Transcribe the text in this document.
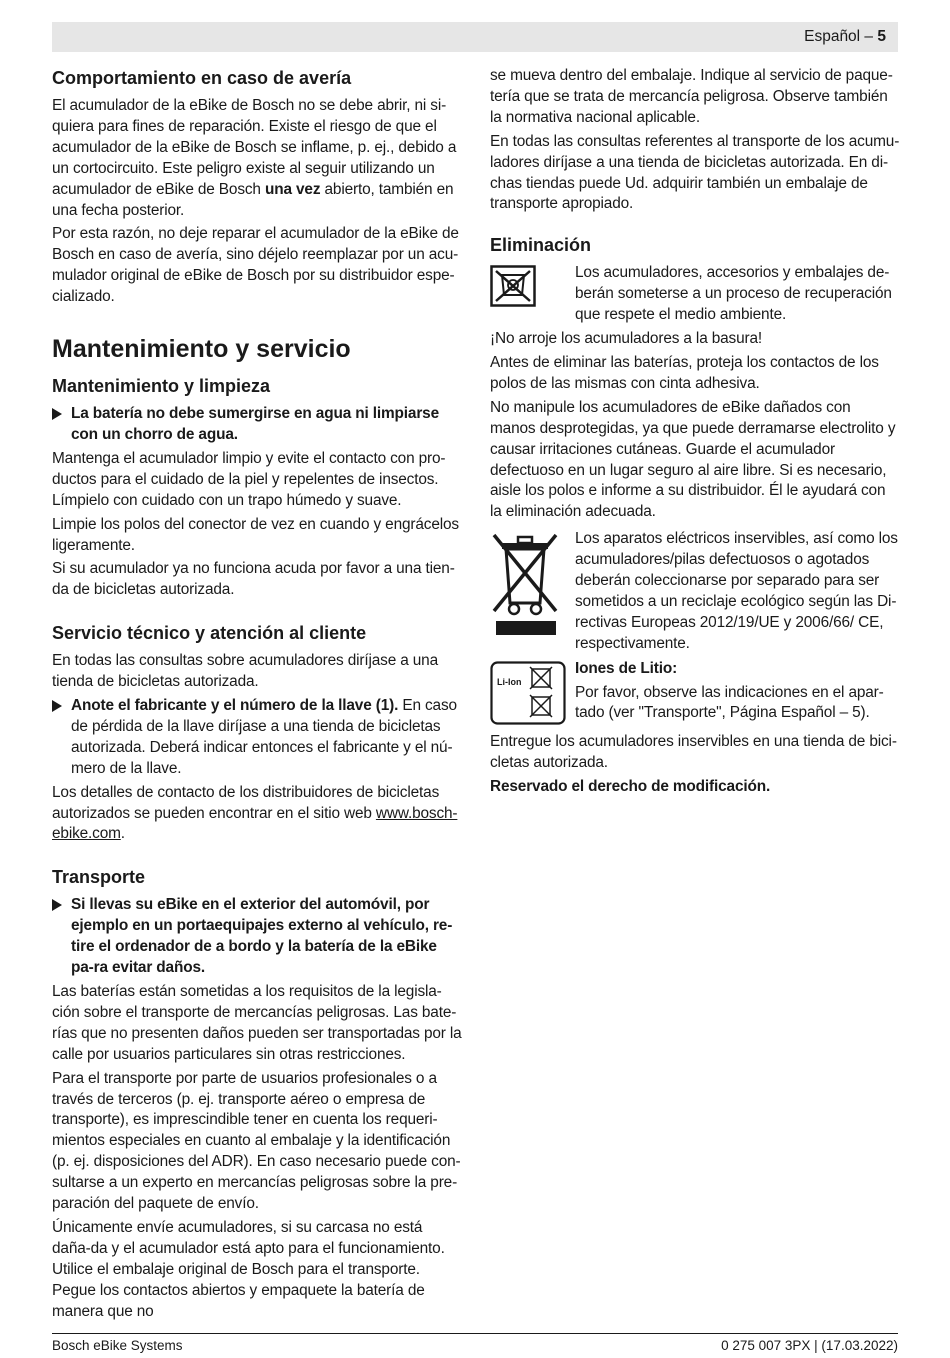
Español – 5
Comportamiento en caso de avería

El acumulador de la eBike de Bosch no se debe abrir, ni si-quiera para fines de reparación. Existe el riesgo de que el acumulador de la eBike de Bosch se inflame, p. ej., debido a un cortocircuito. Este peligro existe al seguir utilizando un acumulador de eBike de Bosch una vez abierto, también en una fecha posterior.

Por esta razón, no deje reparar el acumulador de la eBike de Bosch en caso de avería, sino déjelo reemplazar por un acu-mulador original de eBike de Bosch por su distribuidor espe-cializado.

Mantenimiento y servicio
Mantenimiento y limpieza
La batería no debe sumergirse en agua ni limpiarse con un chorro de agua.

Mantenga el acumulador limpio y evite el contacto con pro-ductos para el cuidado de la piel y repelentes de insectos. Límpielo con cuidado con un trapo húmedo y suave.

Limpie los polos del conector de vez en cuando y engrácelos ligeramente.

Si su acumulador ya no funciona acuda por favor a una tien-da de bicicletas autorizada.

Servicio técnico y atención al cliente

En todas las consultas sobre acumuladores diríjase a una tienda de bicicletas autorizada.

Anote el fabricante y el número de la llave (1). En caso de pérdida de la llave diríjase a una tienda de bicicletas autorizada. Deberá indicar entonces el fabricante y el nú-mero de la llave.

Los detalles de contacto de los distribuidores de bicicletas autorizados se pueden encontrar en el sitio web www.bosch-ebike.com.

Transporte
Si llevas su eBike en el exterior del automóvil, por ejemplo en un portaequipajes externo al vehículo, re-tire el ordenador de a bordo y la batería de la eBike pa-ra evitar daños.

Las baterías están sometidas a los requisitos de la legisla-ción sobre el transporte de mercancías peligrosas. Las bate-rías que no presenten daños pueden ser transportadas por la calle por usuarios particulares sin otras restricciones.

Para el transporte por parte de usuarios profesionales o a través de terceros (p. ej. transporte aéreo o empresa de transporte), es imprescindible tener en cuenta los requeri-mientos especiales en cuanto al embalaje y la identificación (p. ej. disposiciones del ADR). En caso necesario puede con-sultarse a un experto en mercancías peligrosas sobre la pre-paración del paquete de envío.

Únicamente envíe acumuladores, si su carcasa no está daña-da y el acumulador está apto para el funcionamiento. Utilice el embalaje original de Bosch para el transporte. Pegue los contactos abiertos y empaquete la batería de manera que no

se mueva dentro del embalaje. Indique al servicio de paque-tería que se trata de mercancía peligrosa. Observe también la normativa nacional aplicable.

En todas las consultas referentes al transporte de los acumu-ladores diríjase a una tienda de bicicletas autorizada. En di-chas tiendas puede Ud. adquirir también un embalaje de transporte apropiado.

Eliminación

Los acumuladores, accesorios y embalajes de-berán someterse a un proceso de recuperación que respete el medio ambiente.

¡No arroje los acumuladores a la basura!

Antes de eliminar las baterías, proteja los contactos de los polos de las mismas con cinta adhesiva.

No manipule los acumuladores de eBike dañados con manos desprotegidas, ya que puede derramarse electrolito y causar irritaciones cutáneas. Guarde el acumulador defectuoso en un lugar seguro al aire libre. Si es necesario, aisle los polos e informe a su distribuidor. Él le ayudará con la eliminación adecuada.

Los aparatos eléctricos inservibles, así como los acumuladores/pilas defectuosos o agotados deberán coleccionarse por separado para ser sometidos a un reciclaje ecológico según las Di-rectivas Europeas 2012/19/UE y 2006/66/ CE, respectivamente.

Li-Ion

Iones de Litio:

Por favor, observe las indicaciones en el apar-tado (ver "Transporte", Página Español – 5).

Entregue los acumuladores inservibles en una tienda de bici-cletas autorizada.

Reservado el derecho de modificación.

Bosch eBike Systems	0 275 007 3PX | (17.03.2022)
